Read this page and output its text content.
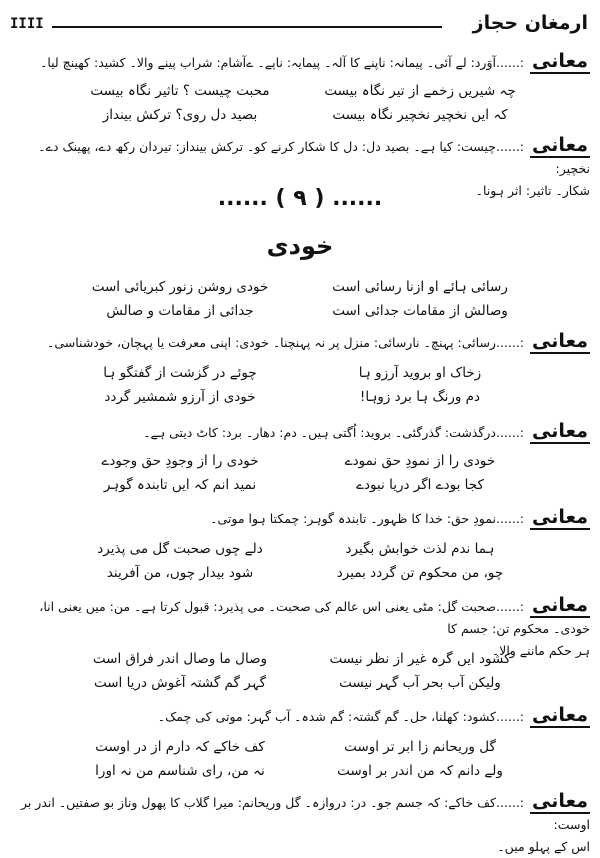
IIII	ارمغان حجاز
معانی:......آوَرد: لے آئی۔ پیمانہ: ناپنے کا آلہ۔ پیمایہ: ناپے۔ ےآشام: شراب پینے والا۔ کشید: کھینچ لیا۔
چہ شیریں زخمے از تیر نگاہ بیست
محبت چیست ؟ تاثیر نگاہ بیست
کہ ایں نخچیر نخچیر نگاہ بیست
بصید دل روی؟ ترکش بینداز
معانی:......چیست: کیا ہے۔ بصید دل: دل کا شکار کرنے کو۔ ترکش بینداز: تیردان رکھ دے، پھینک دے۔ نخچیر:
شکار۔ تاثیر: اثر ہونا۔
...... ( ۹ ) ......
خودی
رسائی ہائے او ازنا رسائی است
خودی روشن زنور کبریائی است
وصالش از مقامات جدائی است
جدائی از مقامات و صالش
معانی:......رسائی: پہنچ۔ نارسائی: منزل پر نہ پہنچنا۔ خودی: اپنی معرفت یا پہچان، خودشناسی۔
زخاک او بروید آرزو ہا
چوئے در گزشت از گفتگو ہا
دم ورنگ ہا برد زوہا!
خودی از آرزو شمشیر گردد
معانی:......درگذشت: گذرگئی۔ بروید: اُگتی ہیں۔ دم: دھار۔ برد: کاٹ دیتی ہے۔
خودی را از نمودِ حق نمودے
خودی را از وجودِ حق وجودے
کجا بودے اگر دریا نبودے
نمید انم کہ ایں تابندہ گوہر
معانی:......نمودِ حق: خدا کا ظہور۔ تابندہ گوہر: چمکتا ہوا موتی۔
ہما ندم لذت خوابش بگیرد
دلے چوں صحبت گل می پذیرد
چو، من محکوم تن گردد بمیرد
شود بیدار چوں، من آفریند
معانی:......صحبت گل: مٹی یعنی اس عالم کی صحبت۔ می پذیرد: قبول کرتا ہے۔ من: میں یعنی انا، خودی۔ محکوم تن: جسم کا
ہر حکم ماننے والا۔
کشود ایں گرہ غیر از نظر نیست
وصال ما وصال اندر فراق است
ولیکن آب بحر آب گہر نیست
گہر گم گشتہ آغوش دریا است
معانی:......کشود: کھلنا، حل۔ گم گشتہ: گم شدہ۔ آب گہر: موتی کی چمک۔
گل وریحانم زا ابر تر اوست
کف خاکے کہ دارم از در اوست
ولے دانم کہ من اندر بر اوست
نہ من، رای شناسم من نہ اورا
معانی:......کف خاکے: کہ جسم جو۔ در: دروازہ۔ گل وریحانم: میرا گلاب کا پھول وناز بو صفتیں۔ اندر بر اوست:
اس کے پہلو میں۔
